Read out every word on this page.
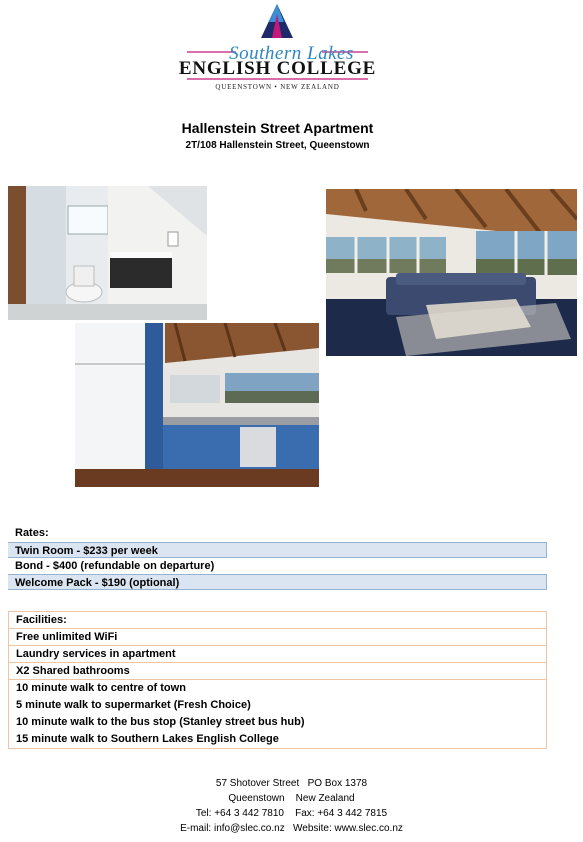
Southern Lakes
ENGLISH COLLEGE
QUEENSTOWN • NEW ZEALAND
Hallenstein Street Apartment
2T/108 Hallenstein Street, Queenstown
Rates:
Twin Room - $233 per week
Bond - $400 (refundable on departure)
Welcome Pack - $190 (optional)
Facilities:
Free unlimited WiFi
Laundry services in apartment
X2 Shared bathrooms
10 minute walk to centre of town
5 minute walk to supermarket (Fresh Choice)
10 minute walk to the bus stop (Stanley street bus hub)
15 minute walk to Southern Lakes English College
57 Shotover Street   PO Box 1378
Queenstown    New Zealand
Tel: +64 3 442 7810    Fax: +64 3 442 7815
E-mail: info@slec.co.nz   Website: www.slec.co.nz
